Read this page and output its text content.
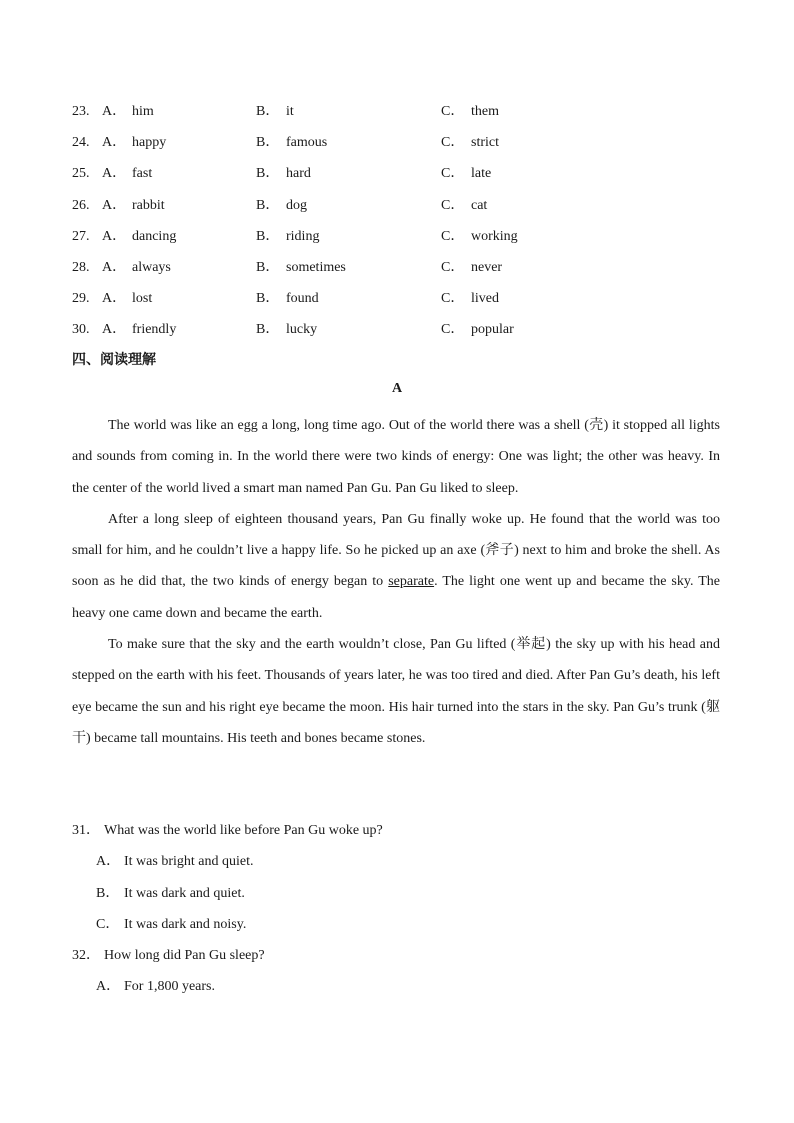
23. A． him	B． it	C． them
24. A． happy	B． famous	C． strict
25. A． fast	B． hard	C． late
26. A． rabbit	B． dog	C． cat
27. A． dancing	B． riding	C． working
28. A． always	B． sometimes	C． never
29. A． lost	B． found	C． lived
30. A． friendly	B． lucky	C． popular
四、阅读理解
A

The world was like an egg a long, long time ago. Out of the world there was a shell (壳) it stopped all lights and sounds from coming in. In the world there were two kinds of energy: One was light; the other was heavy. In the center of the world lived a smart man named Pan Gu. Pan Gu liked to sleep.

After a long sleep of eighteen thousand years, Pan Gu finally woke up. He found that the world was too small for him, and he couldn’t live a happy life. So he picked up an axe (斧子) next to him and broke the shell. As soon as he did that, the two kinds of energy began to separate. The light one went up and became the sky. The heavy one came down and became the earth.

To make sure that the sky and the earth wouldn’t close, Pan Gu lifted (举起) the sky up with his head and stepped on the earth with his feet. Thousands of years later, he was too tired and died. After Pan Gu’s death, his left eye became the sun and his right eye became the moon. His hair turned into the stars in the sky. Pan Gu’s trunk (躯干) became tall mountains. His teeth and bones became stones.

31． What was the world like before Pan Gu woke up?

A． It was bright and quiet.

B． It was dark and quiet.

C． It was dark and noisy.

32． How long did Pan Gu sleep?

A． For 1,800 years.
